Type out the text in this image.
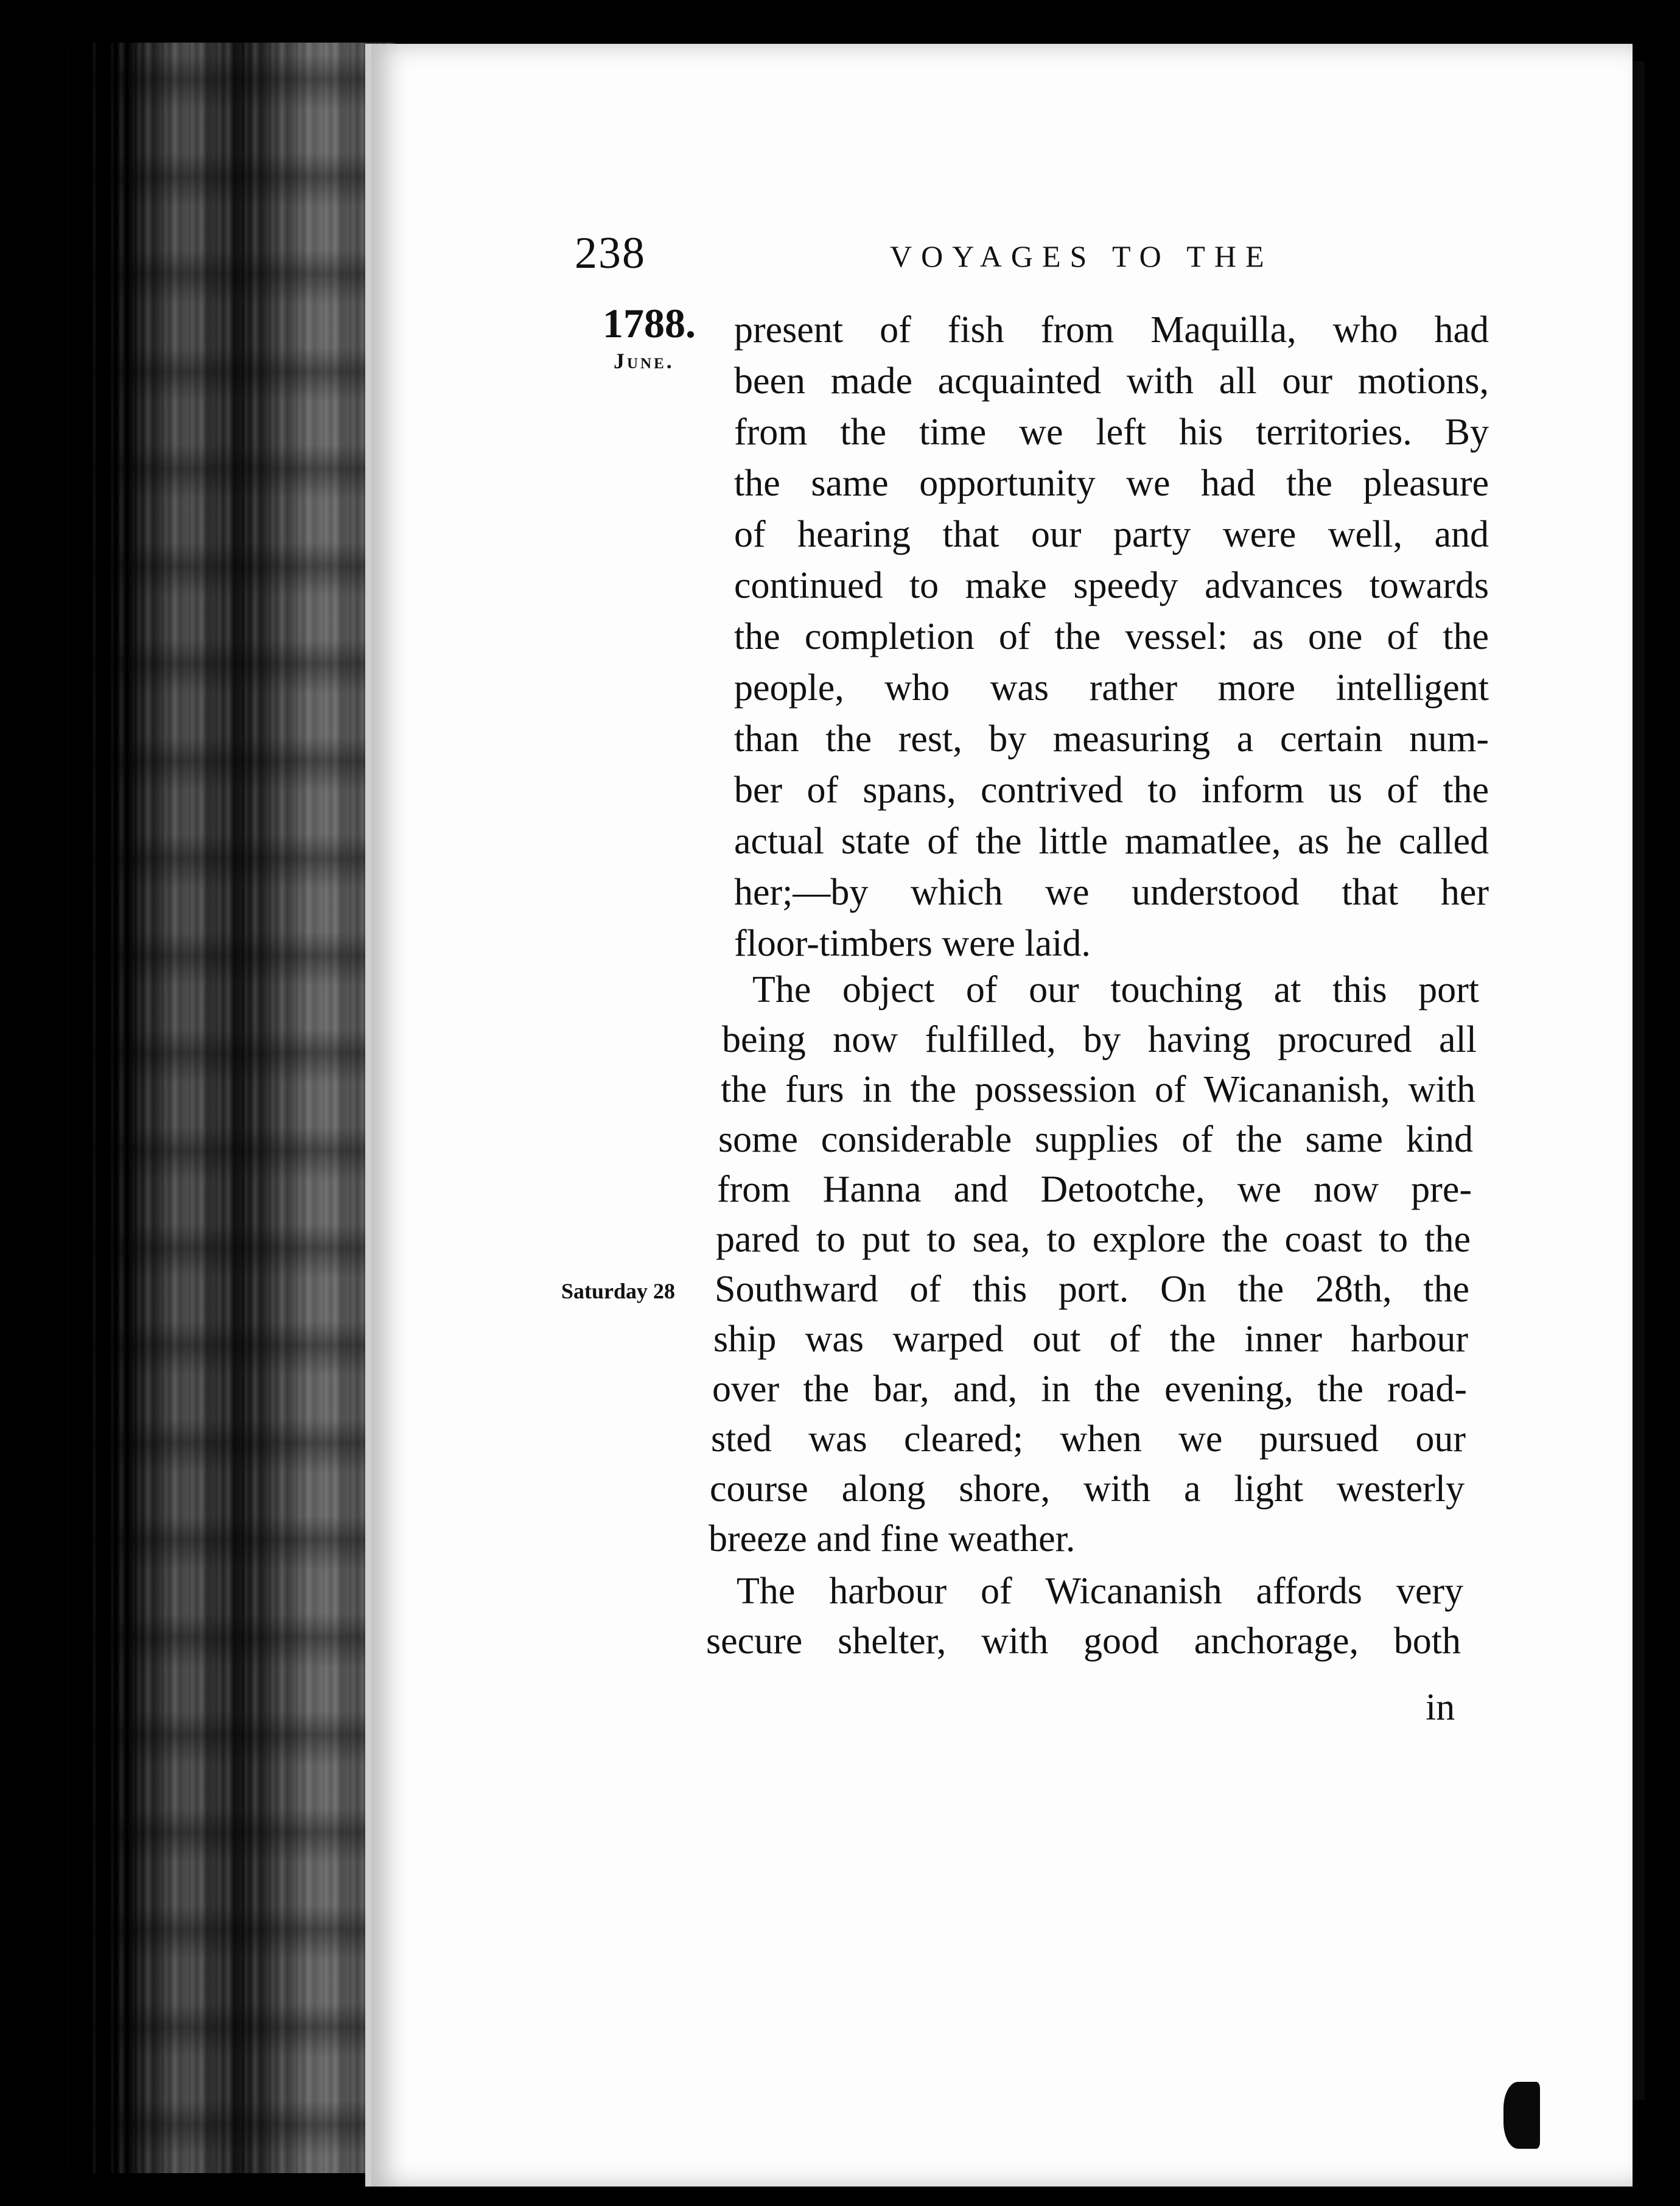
238	VOYAGES TO THE
1788.
June.
Saturday 28
present of fish from Maquilla, who had
been made acquainted with all our motions,
from the time we left his territories. By
the same opportunity we had the pleasure
of hearing that our party were well, and
continued to make speedy advances towards
the completion of the vessel: as one of the
people, who was rather more intelligent
than the rest, by measuring a certain num-
ber of spans, contrived to inform us of the
actual state of the little mamatlee, as he called
her;—by which we understood that her
floor-timbers were laid.
The object of our touching at this port
being now fulfilled, by having procured all
the furs in the possession of Wicananish, with
some considerable supplies of the same kind
from Hanna and Detootche, we now pre-
pared to put to sea, to explore the coast to the
Southward of this port. On the 28th, the
ship was warped out of the inner harbour
over the bar, and, in the evening, the road-
sted was cleared; when we pursued our
course along shore, with a light westerly
breeze and fine weather.
The harbour of Wicananish affords very
secure shelter, with good anchorage, both
in
